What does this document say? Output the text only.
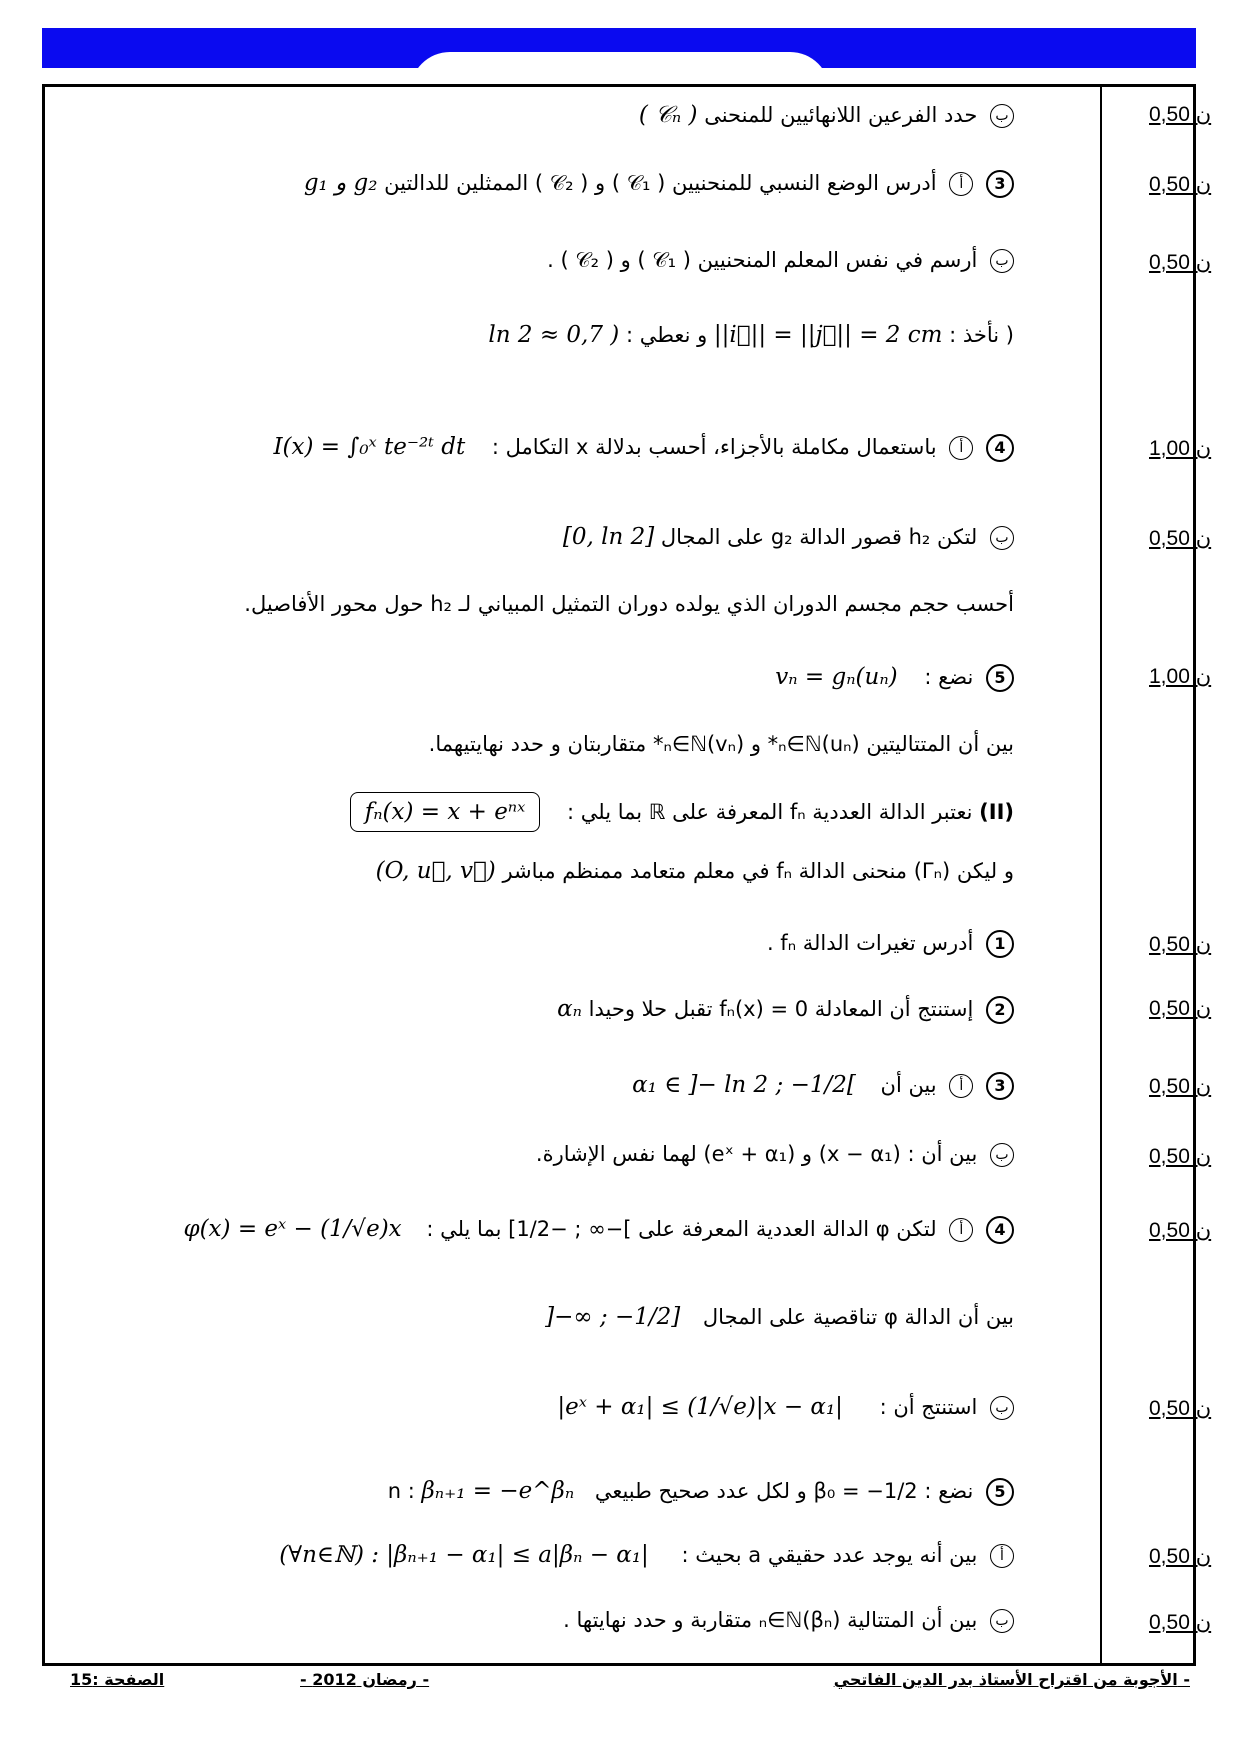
0,50 ن
ب حدد الفرعين اللانهائيين للمنحنى ( 𝒞ₙ )
0,50 ن
3 أ أدرس الوضع النسبي للمنحنيين ( 𝒞₁ ) و ( 𝒞₂ ) الممثلين للدالتين g₁ و g₂
0,50 ن
ب أرسم في نفس المعلم المنحنيين ( 𝒞₁ ) و ( 𝒞₂ ) .
( نأخذ : ||i⃗|| = ||j⃗|| = 2 cm و نعطي : ln 2 ≈ 0,7 )
1,00 ن
4 أ باستعمال مكاملة بالأجزاء، أحسب بدلالة x التكامل : I(x) = ∫₀ˣ te⁻²ᵗ dt
0,50 ن
ب لتكن h₂ قصور الدالة g₂ على المجال [0, ln 2]
أحسب حجم مجسم الدوران الذي يولده دوران التمثيل المبياني لـ h₂ حول محور الأفاصيل.
1,00 ن
5 نضع : vₙ = gₙ(uₙ)
بين أن المتتاليتين (uₙ)ₙ∈ℕ* و (vₙ)ₙ∈ℕ* متقاربتان و حدد نهايتيهما.
(II) نعتبر الدالة العددية fₙ المعرفة على ℝ بما يلي : fₙ(x) = x + eⁿˣ
و ليكن (Γₙ) منحنى الدالة fₙ في معلم متعامد ممنظم مباشر (O, u⃗, v⃗)
0,50 ن
1 أدرس تغيرات الدالة fₙ .
0,50 ن
2 إستنتج أن المعادلة fₙ(x) = 0 تقبل حلا وحيدا αₙ
0,50 ن
3 أ بين أن α₁ ∈ ]− ln 2 ; −1/2[
0,50 ن
ب بين أن : (x − α₁) و (eˣ + α₁) لهما نفس الإشارة.
0,50 ن
4 أ لتكن φ الدالة العددية المعرفة على ]−∞ ; −1/2] بما يلي : φ(x) = eˣ − (1/√e)x
بين أن الدالة φ تناقصية على المجال ]−∞ ; −1/2]
0,50 ن
ب استنتج أن : |eˣ + α₁| ≤ (1/√e)|x − α₁|
5 نضع : β₀ = −1/2 و لكل عدد صحيح طبيعي n : βₙ₊₁ = −e^βₙ
0,50 ن
أ بين أنه يوجد عدد حقيقي a بحيث : (∀n∈ℕ) : |βₙ₊₁ − α₁| ≤ a|βₙ − α₁|
0,50 ن
ب بين أن المتتالية (βₙ)ₙ∈ℕ متقاربة و حدد نهايتها .
الأجوبة من اقتراح الأستاذ بدر الدين الفاتحي -
- رمضان 2012 -
الصفحة :15
